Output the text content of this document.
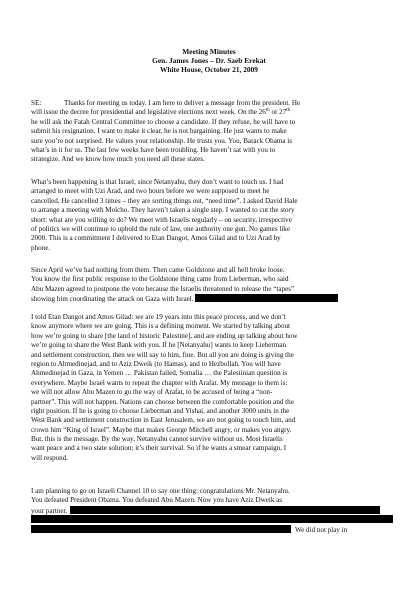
Meeting Minutes
Gen. James Jones – Dr. Saeb Erekat
White House, October 21, 2009
SE:	Thanks for meeting us today. I am here to deliver a message from the president. He
will issue the decree for presidential and legislative elections next week. On the 26th or 27th
he will ask the Fatah Central Committee to choose a candidate. If they refuse, he will have to
submit his resignation. I want to make it clear, he is not bargaining. He just wants to make
sure you’re not surprised. He values your relationship. He trusts you. You, Barack Obama is
what’s in it for us. The last few weeks have been troubling. He haven’t sat with you to
strategize. And we know how much you need all these states.
What’s been happening is that Israel, since Netanyahu, they don’t want to touch us. I had
arranged to meet with Uzi Arad, and two hours before we were supposed to meet he
cancelled. He cancelled 3 times – they are sorting things out, “need time”. I asked David Hale
to arrange a meeting with Molcho. They haven’t taken a single step. I wanted to cut the story
short: what are you willing to do? We meet with Israelis regularly – on security, irrespective
of politics we will continue to uphold the rule of law, one authority one gun. No games like
2000. This is a commitment I delivered to Etan Dangot, Amos Gilad and to Uzi Arad by
phone.
Since April we’ve had nothing from them. Then came Goldstone and all hell broke loose.
You know the first public response to the Goldstone thing came from Lieberman, who said
Abu Mazen agreed to postpone the vote because the Israelis threatened to release the “tapes”
showing him coordinating the attack on Gaza with Israel.
I told Etan Dangot and Amos Gilad: we are 19 years into this peace process, and we don’t
know anymore where we are going. This is a defining moment. We started by talking about
how we’re going to share [the land of historic Palestine], and are ending up talking about how
we’re going to share the West Bank with you. If he [Netanyahu] wants to keep Lieberman
and settlement construction, then we will say to him, fine. But all you are doing is giving the
region to Ahmedinejad, and to Aziz Dweik (to Hamas), and to Hezbollah. You will have
Ahmedinejad in Gaza, in Yemen … Pakistan failed, Somalia … the Palestinian question is
everywhere. Maybe Israel wants to repeat the chapter with Arafat. My message to them is:
we will not allow Abu Mazen to go the way of Arafat, to be accused of being a “non-
partner”. This will not happen. Nations can choose between the comfortable position and the
right position. If he is going to choose Lieberman and Yishai, and another 3000 units in the
West Bank and settlement construction in East Jerusalem, we are not going to touch him, and
crown him “King of Israel”. Maybe that makes George Mitchell angry, or makes you angry.
But, this is the message. By the way, Netanyahu cannot survive without us. Most Israelis
want peace and a two state solution; it’s their survival. So if he wants a smear campaign, I
will respond.
I am planning to go on Israeli Channel 10 to say one thing: congratulations Mr. Netanyahu.
You defeated President Obama. You defeated Abu Mazen. Now you have Aziz Dweik as
your partner.
We did not play in
